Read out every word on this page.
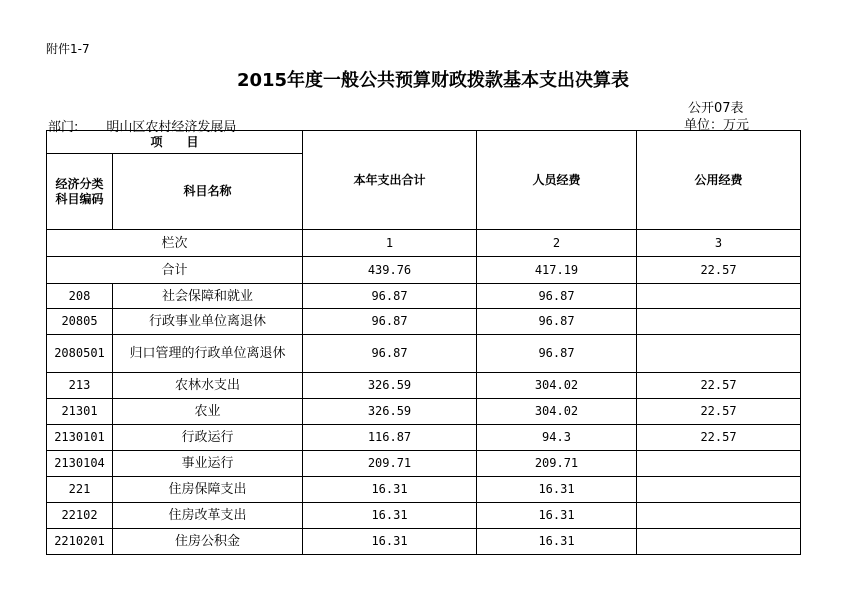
附件1-7
2015年度一般公共预算财政拨款基本支出决算表
公开07表
部门: 明山区农村经济发展局	单位：万元
项　　目		本年支出合计	人员经费	公用经费
经济分类科目编码	科目名称			
栏次		1	2	3
合计		439.76	417.19	22.57
208	社会保障和就业	96.87	96.87	
20805	行政事业单位离退休	96.87	96.87	
2080501	归口管理的行政单位离退休	96.87	96.87	
213	农林水支出	326.59	304.02	22.57
21301	农业	326.59	304.02	22.57
2130101	行政运行	116.87	94.3	22.57
2130104	事业运行	209.71	209.71	
221	住房保障支出	16.31	16.31	
22102	住房改革支出	16.31	16.31	
2210201	住房公积金	16.31	16.31	
